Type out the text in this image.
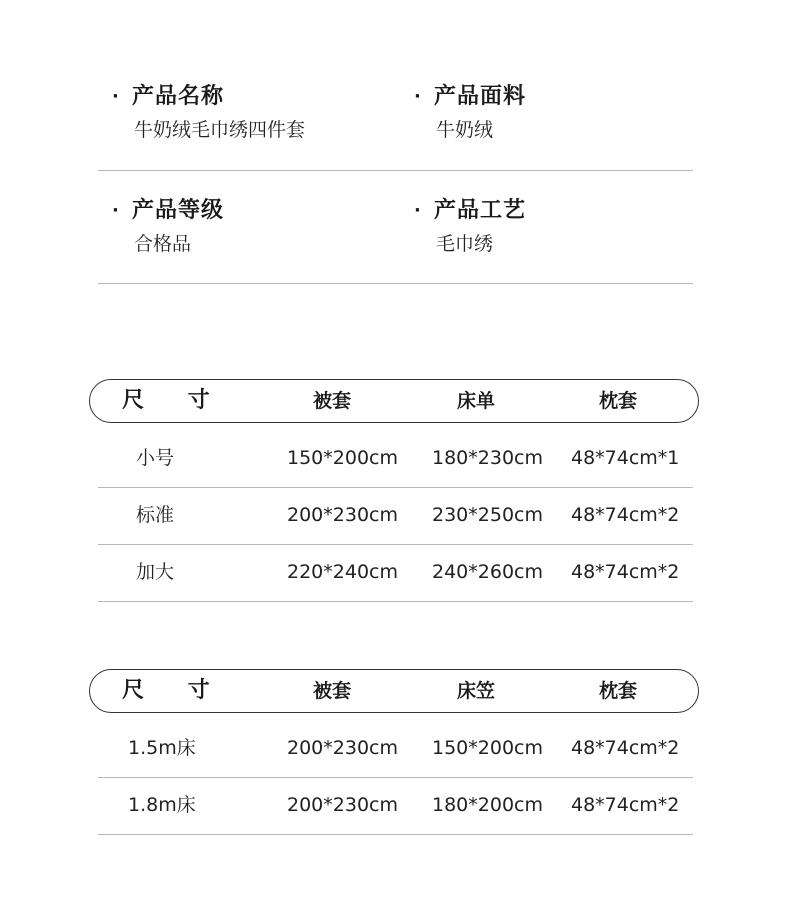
· 产品名称
牛奶绒毛巾绣四件套
· 产品面料
牛奶绒
· 产品等级
合格品
· 产品工艺
毛巾绣
尺 寸	被套	床单	枕套
小号	150*200cm 180*230cm 48*74cm*1
标准	200*230cm 230*250cm 48*74cm*2
加大	220*240cm 240*260cm 48*74cm*2
尺 寸	被套	床笠	枕套
1.5m床	200*230cm 150*200cm 48*74cm*2
1.8m床	200*230cm 180*200cm 48*74cm*2
